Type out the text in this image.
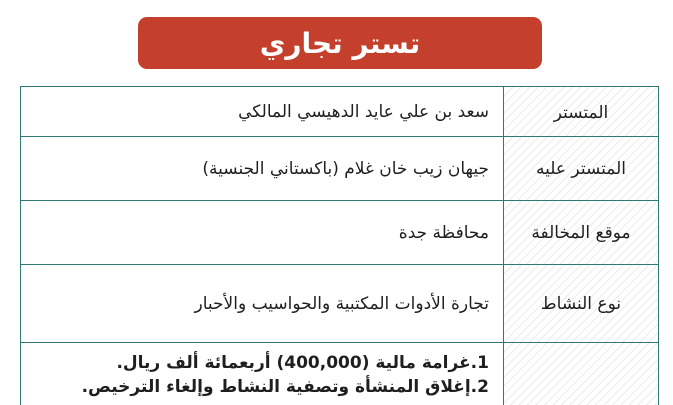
تستر تجاري
المتستر
سعد بن علي عايد الدهيسي المالكي
المتستر عليه
جيهان زيب خان غلام (باكستاني الجنسية)
موقع المخالفة
محافظة جدة
نوع النشاط
تجارة الأدوات المكتبية والحواسيب والأحبار
1.غرامة مالية (400,000) أربعمائة ألف ريال.
2.إغلاق المنشأة وتصفية النشاط وإلغاء الترخيص.
